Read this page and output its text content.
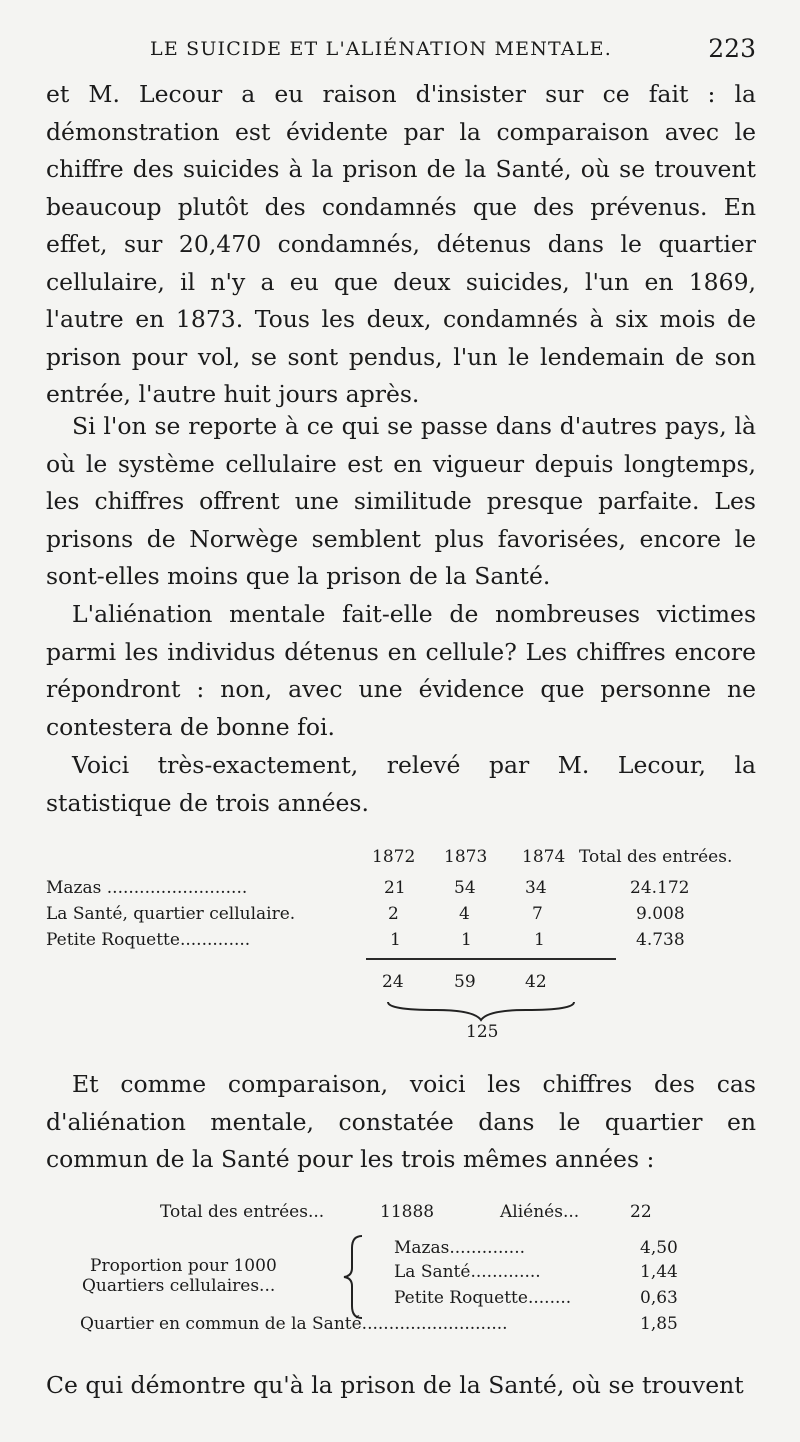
LE SUICIDE ET L'ALIÉNATION MENTALE.	223

et M. Lecour a eu raison d'insister sur ce fait : la démonstration est évidente par la comparaison avec le chiffre des suicides à la prison de la Santé, où se trouvent beaucoup plutôt des condamnés que des prévenus. En effet, sur 20,470 condamnés, détenus dans le quartier cellulaire, il n'y a eu que deux suicides, l'un en 1869, l'autre en 1873. Tous les deux, condamnés à six mois de prison pour vol, se sont pendus, l'un le lendemain de son entrée, l'autre huit jours après.

Si l'on se reporte à ce qui se passe dans d'autres pays, là où le système cellulaire est en vigueur depuis longtemps, les chiffres offrent une similitude presque parfaite. Les prisons de Norwège semblent plus favorisées, encore le sont-elles moins que la prison de la Santé.

L'aliénation mentale fait-elle de nombreuses victimes parmi les individus détenus en cellule? Les chiffres encore répondront : non, avec une évidence que personne ne contestera de bonne foi.

Voici très-exactement, relevé par M. Lecour, la statistique de trois années.

1872 1873 1874 Total des entrées.
Mazas ..........................	21	54	34	24.172
La Santé, quartier cellulaire.	2	4	7	9.008
Petite Roquette.............	1	1	1	4.738
24	59	42
125

Et comme comparaison, voici les chiffres des cas d'aliénation mentale, constatée dans le quartier en commun de la Santé pour les trois mêmes années :

Total des entrées...	11888	Aliénés...	22
Proportion pour 1000
Quartiers cellulaires...
Mazas..............	4,50
La Santé.............	1,44
Petite Roquette........	0,63
Quartier en commun de la Santé...........................	1,85

Ce qui démontre qu'à la prison de la Santé, où se trouvent
